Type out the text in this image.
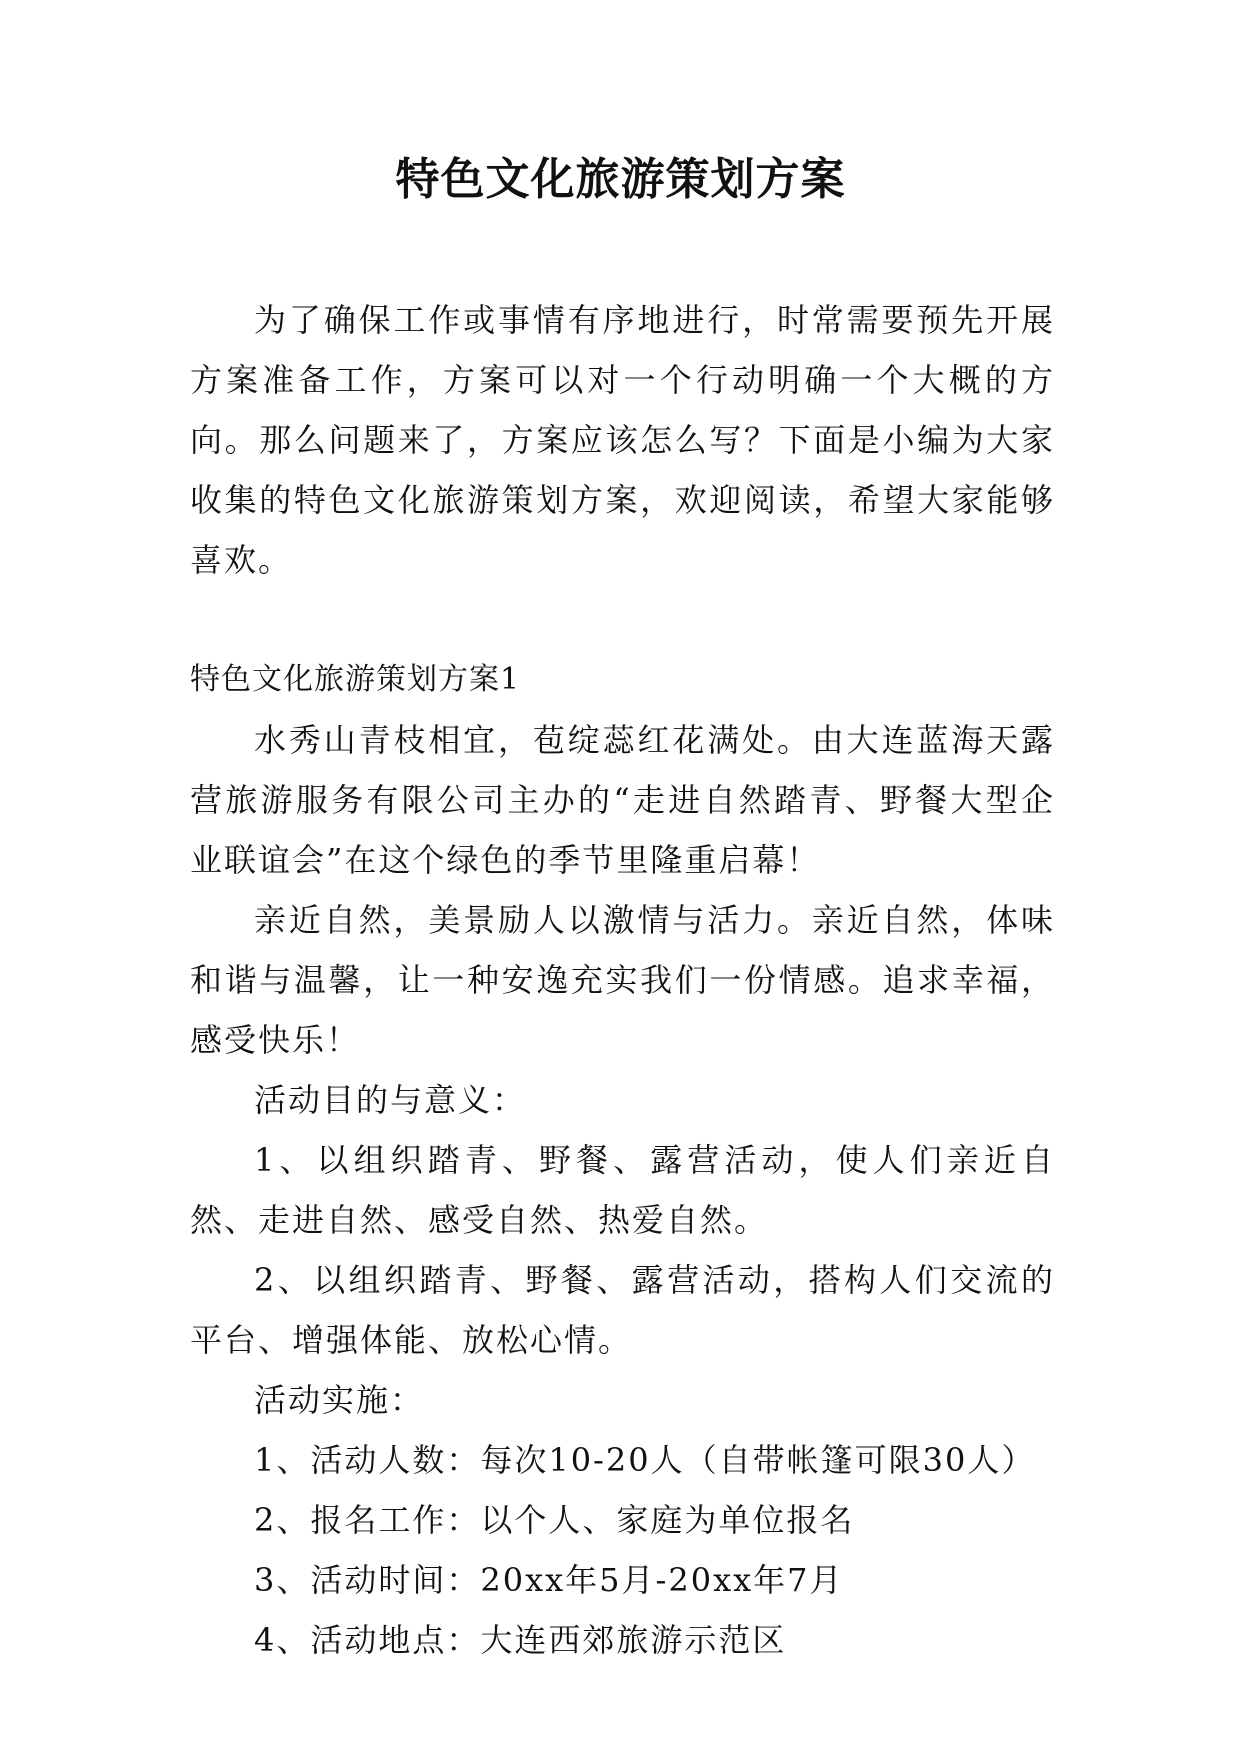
特色文化旅游策划方案

为了确保工作或事情有序地进行，时常需要预先开展方案准备工作，方案可以对一个行动明确一个大概的方向。那么问题来了，方案应该怎么写？下面是小编为大家收集的特色文化旅游策划方案，欢迎阅读，希望大家能够喜欢。

特色文化旅游策划方案1

水秀山青枝相宜，苞绽蕊红花满处。由大连蓝海天露营旅游服务有限公司主办的“走进自然踏青、野餐大型企业联谊会”在这个绿色的季节里隆重启幕！

亲近自然，美景励人以激情与活力。亲近自然，体味和谐与温馨，让一种安逸充实我们一份情感。追求幸福，感受快乐！

活动目的与意义：

1、以组织踏青、野餐、露营活动，使人们亲近自然、走进自然、感受自然、热爱自然。

2、以组织踏青、野餐、露营活动，搭构人们交流的平台、增强体能、放松心情。

活动实施：

1、活动人数：每次10-20人（自带帐篷可限30人）

2、报名工作：以个人、家庭为单位报名

3、活动时间：20xx年5月-20xx年7月

4、活动地点：大连西郊旅游示范区
